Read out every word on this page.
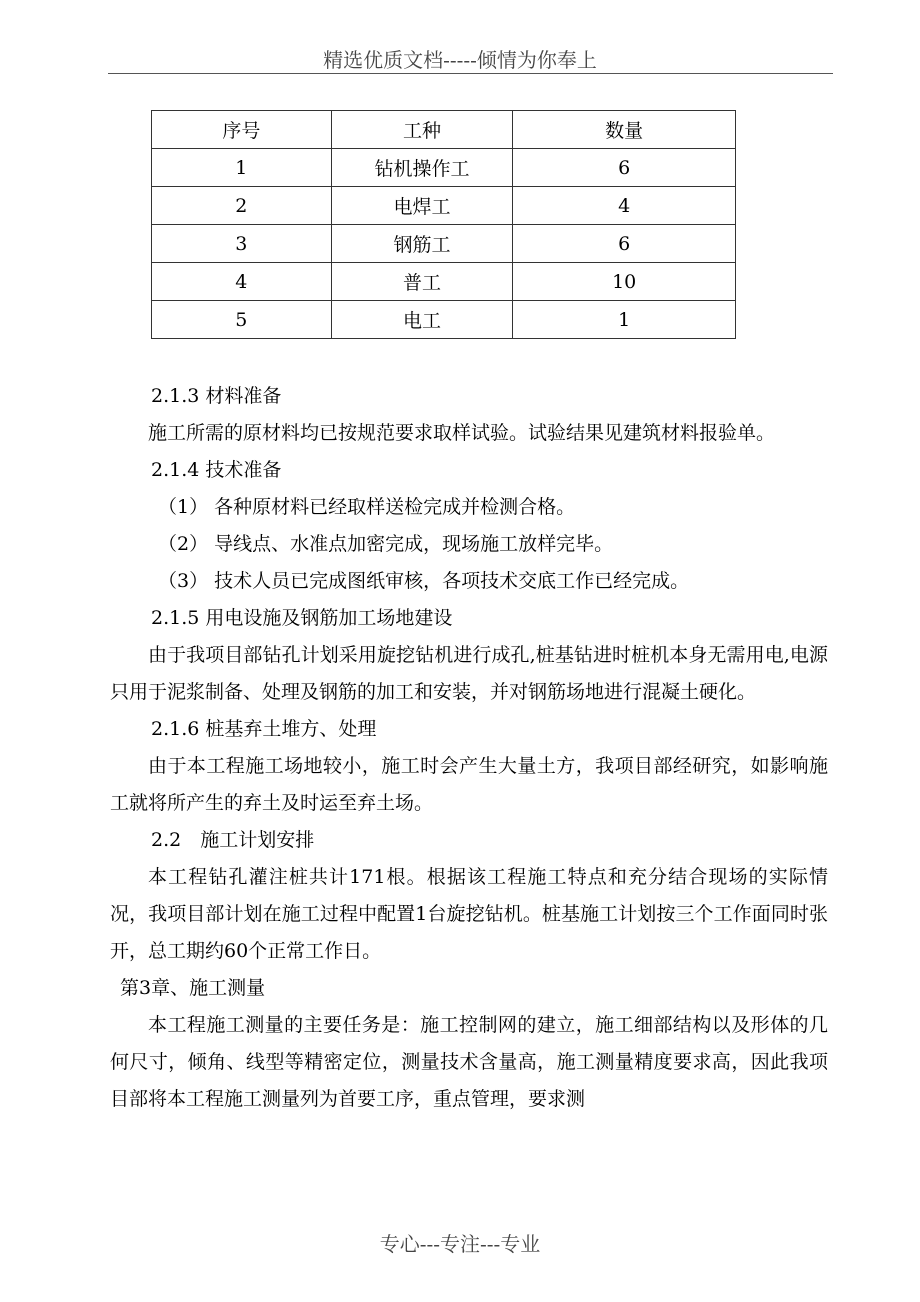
精选优质文档-----倾情为你奉上
序号	工种	数量
1	钻机操作工	6
2	电焊工	4
3	钢筋工	6
4	普工	10
5	电工	1

2.1.3 材料准备

施工所需的原材料均已按规范要求取样试验。试验结果见建筑材料报验单。

2.1.4 技术准备

（1） 各种原材料已经取样送检完成并检测合格。

（2） 导线点、水准点加密完成，现场施工放样完毕。

（3） 技术人员已完成图纸审核，各项技术交底工作已经完成。

2.1.5 用电设施及钢筋加工场地建设

由于我项目部钻孔计划采用旋挖钻机进行成孔,桩基钻进时桩机本身无需用电,电源只用于泥浆制备、处理及钢筋的加工和安装，并对钢筋场地进行混凝土硬化。

2.1.6 桩基弃土堆方、处理

由于本工程施工场地较小，施工时会产生大量土方，我项目部经研究，如影响施工就将所产生的弃土及时运至弃土场。

2.2　施工计划安排

本工程钻孔灌注桩共计171根。根据该工程施工特点和充分结合现场的实际情况，我项目部计划在施工过程中配置1台旋挖钻机。桩基施工计划按三个工作面同时张开，总工期约60个正常工作日。

第3章、施工测量

本工程施工测量的主要任务是：施工控制网的建立，施工细部结构以及形体的几何尺寸，倾角、线型等精密定位，测量技术含量高，施工测量精度要求高，因此我项目部将本工程施工测量列为首要工序，重点管理，要求测

专心---专注---专业
